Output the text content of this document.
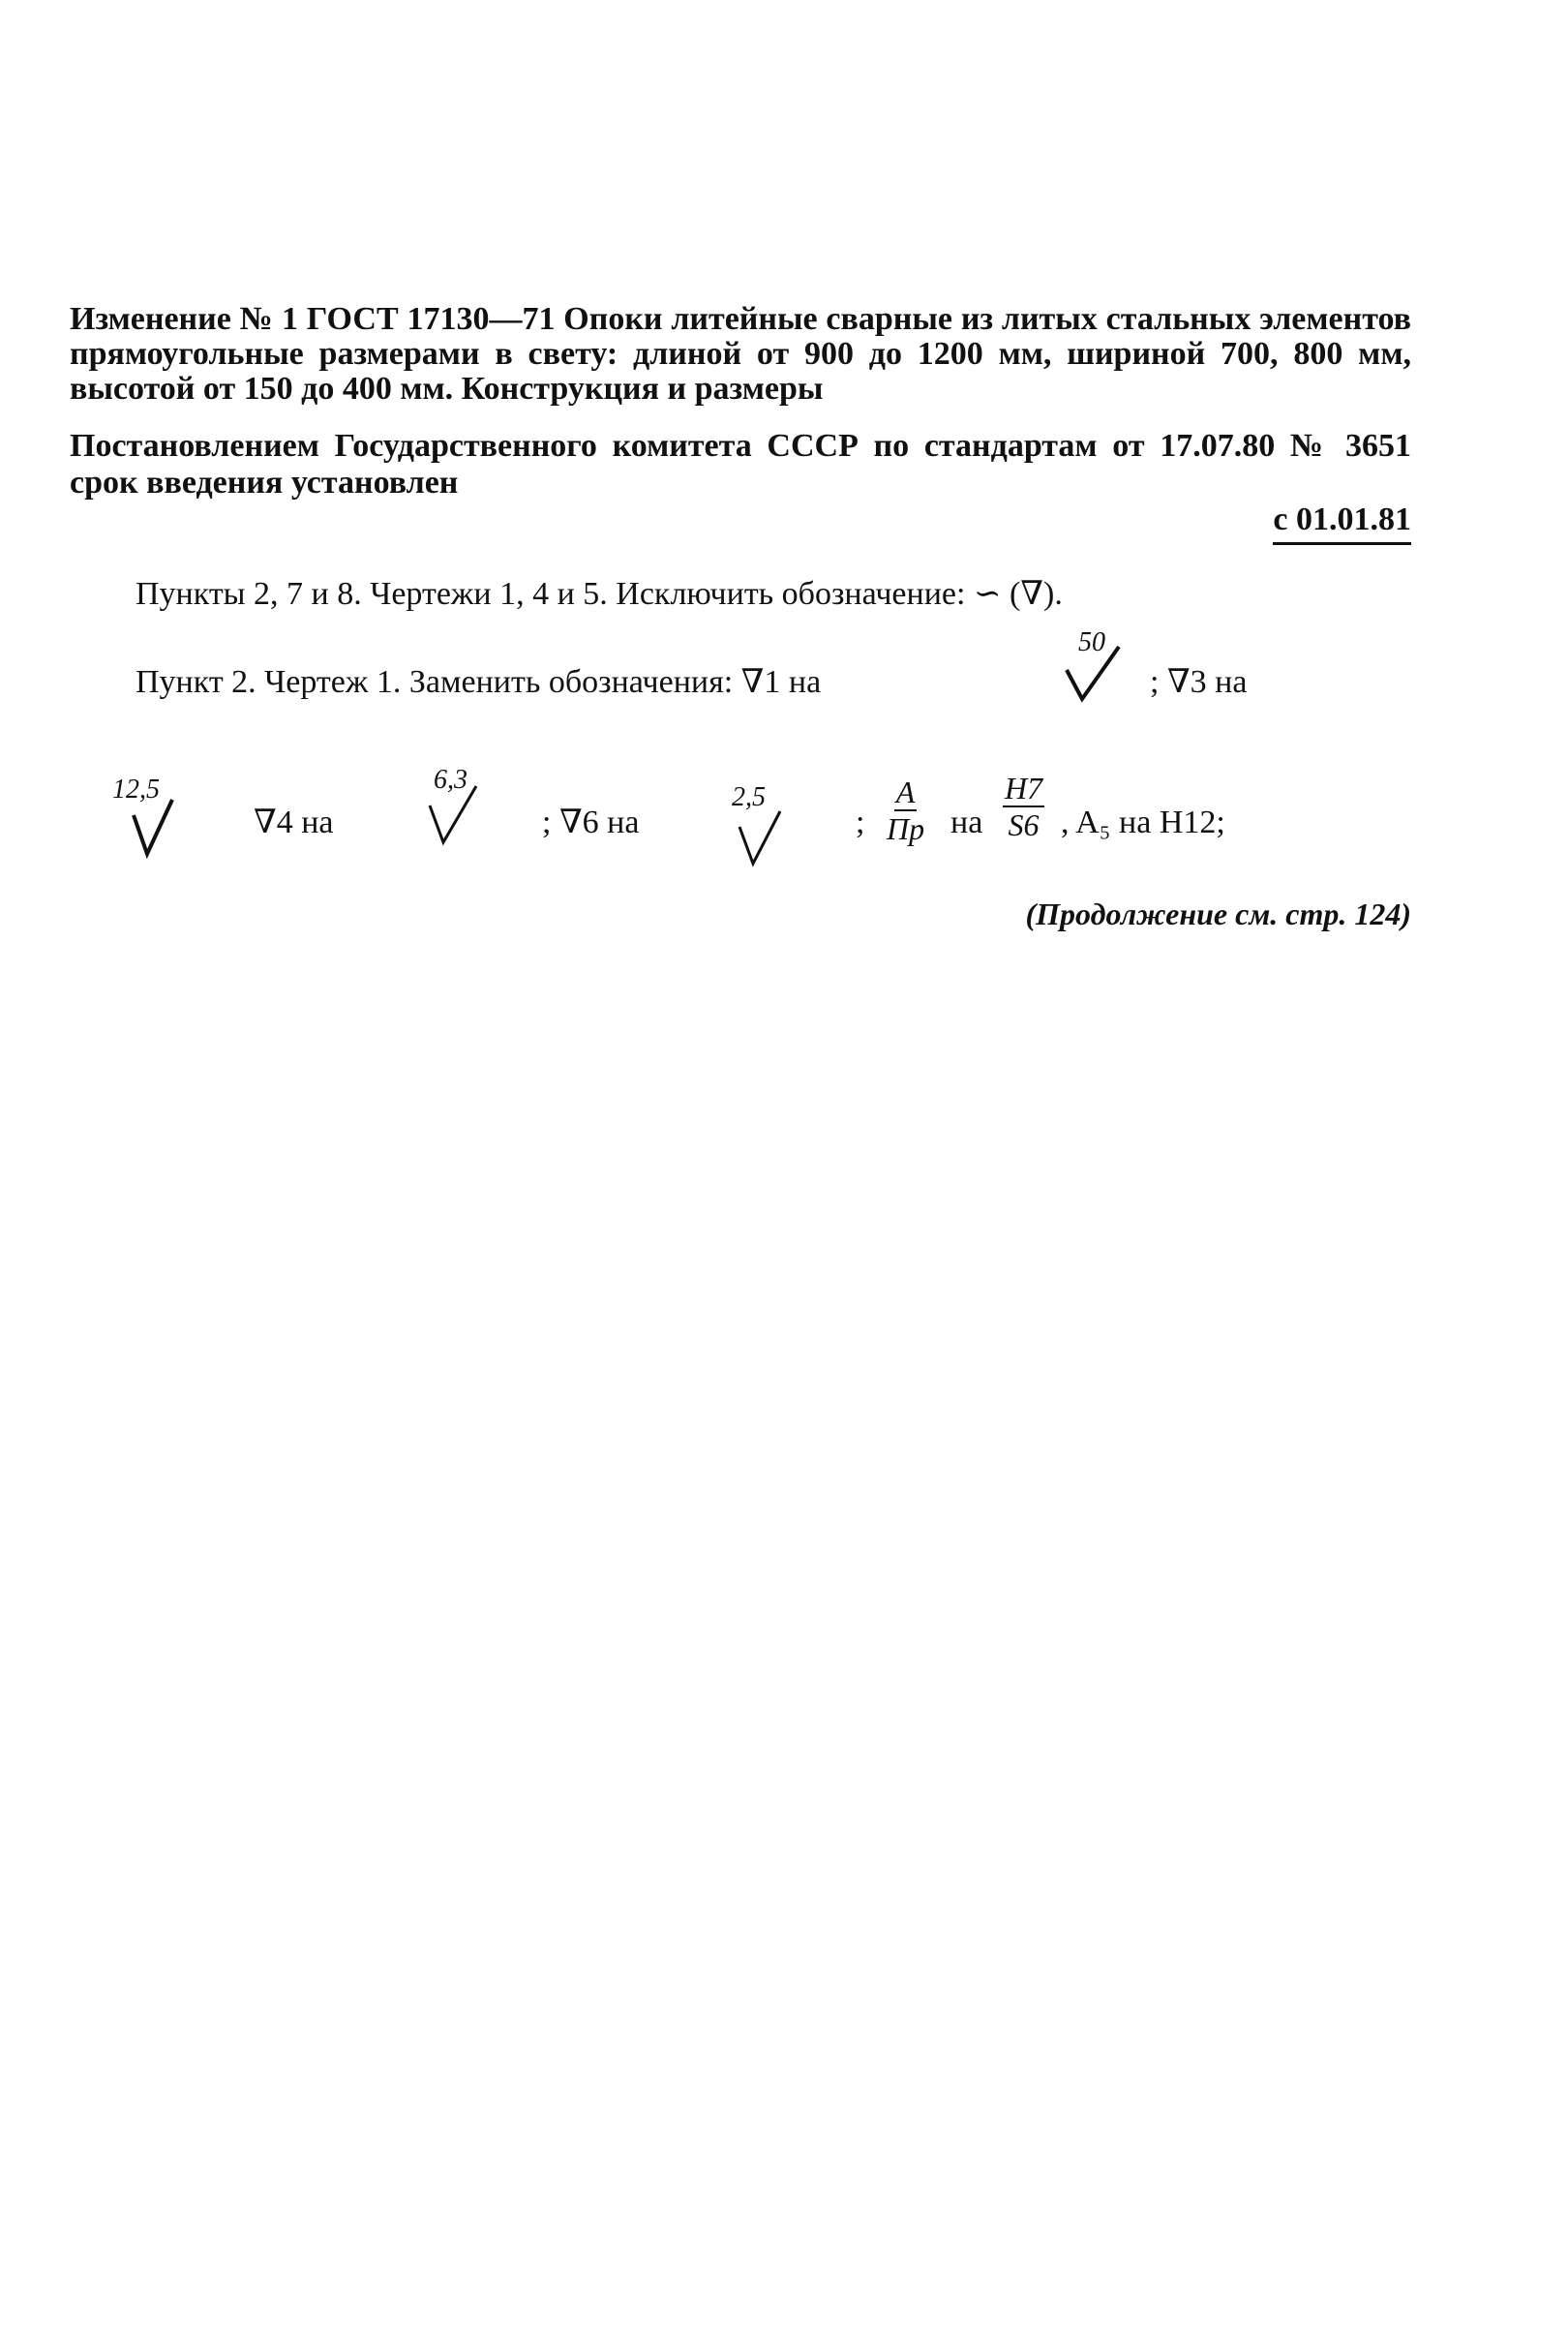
Изменение № 1 ГОСТ 17130—71 Опоки литейные сварные из литых стальных элементов прямоугольные размерами в свету: длиной от 900 до 1200 мм, шириной 700, 800 мм, высотой от 150 до 400 мм. Конструкция и размеры

Постановлением Государственного комитета СССР по стандартам от 17.07.80 № 3651 срок введения установлен
с 01.01.81
Пункты 2, 7 и 8. Чертежи 1, 4 и 5. Исключить обозначение: ∽ (∇).
Пункт 2. Чертеж 1. Заменить обозначения: ∇1 на
50
; ∇3 на
12,5
∇4 на
6,3
; ∇6 на
2,5
;
A
Пр на $\frac{H7}{S6}$ , A₅ на H12;
(Продолжение см. стр. 124)
